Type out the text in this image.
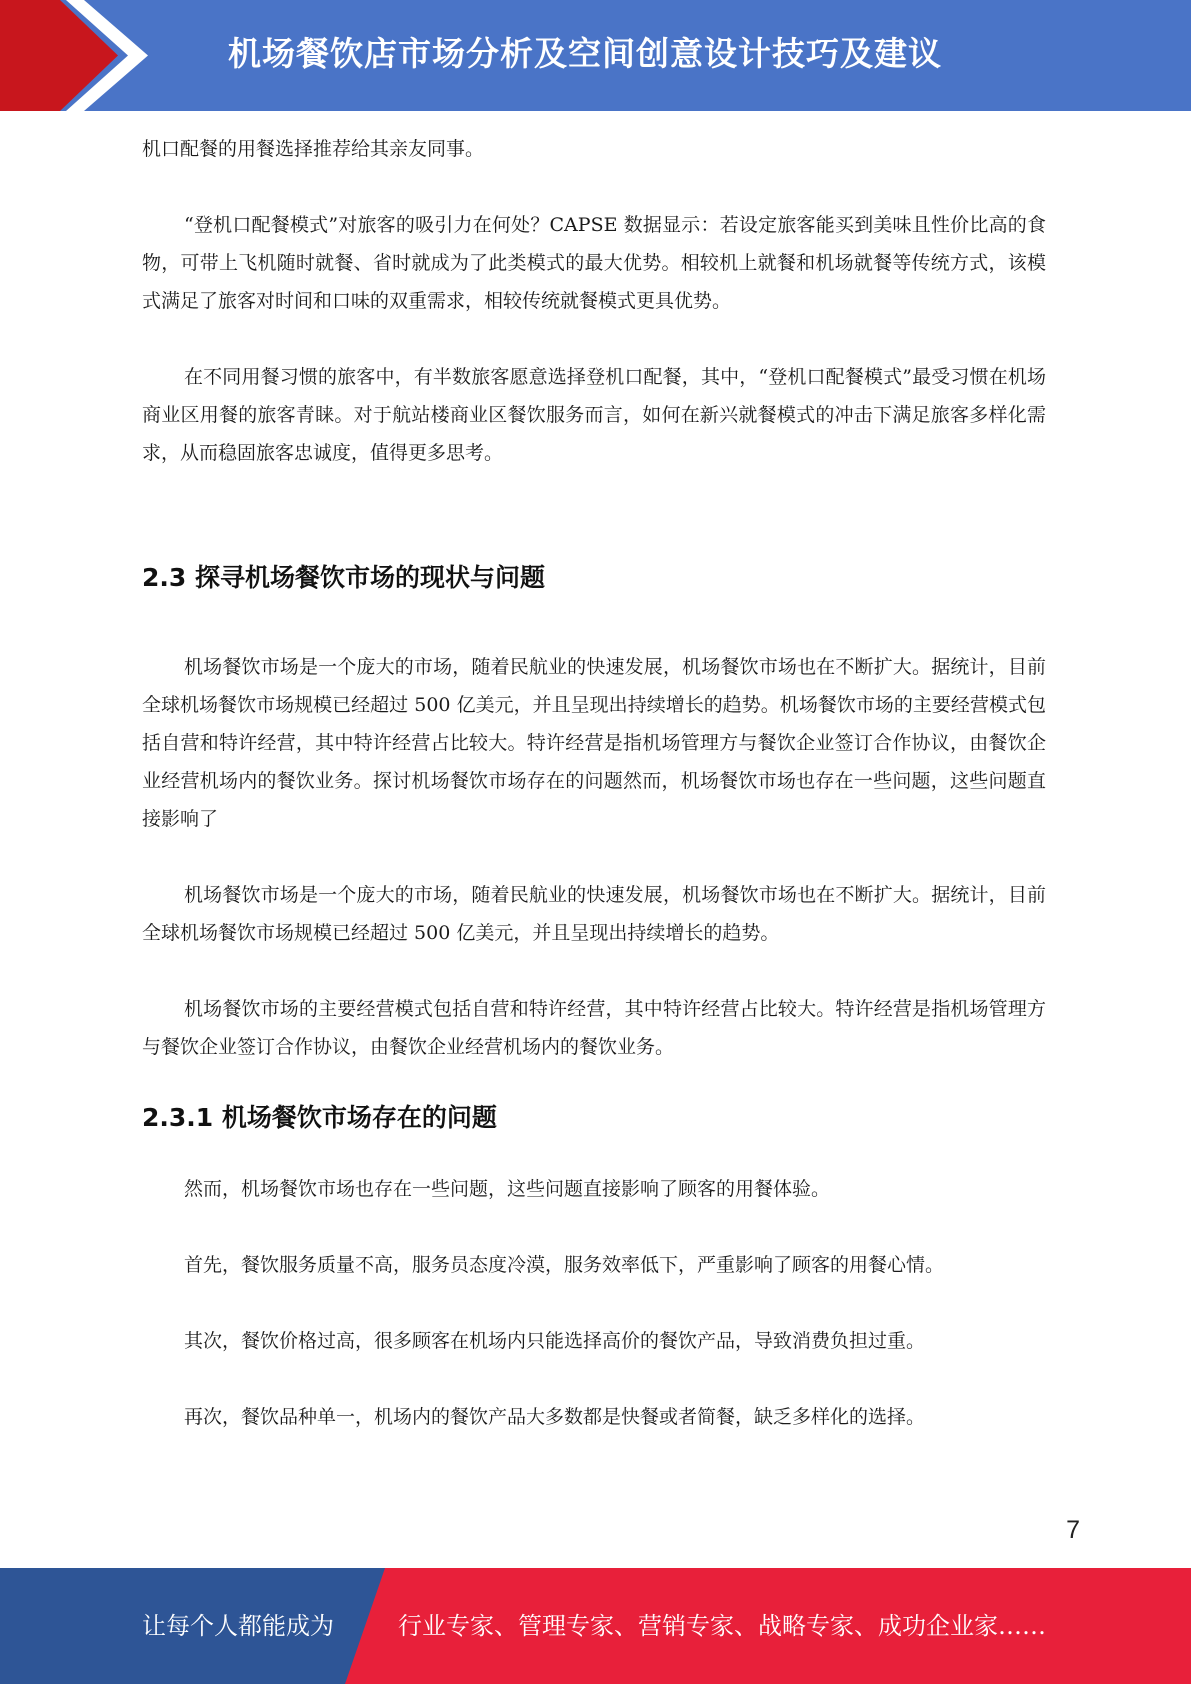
机场餐饮店市场分析及空间创意设计技巧及建议

机口配餐的用餐选择推荐给其亲友同事。

“登机口配餐模式”对旅客的吸引力在何处？CAPSE 数据显示：若设定旅客能买到美味且性价比高的食物，可带上飞机随时就餐、省时就成为了此类模式的最大优势。相较机上就餐和机场就餐等传统方式，该模式满足了旅客对时间和口味的双重需求，相较传统就餐模式更具优势。

在不同用餐习惯的旅客中，有半数旅客愿意选择登机口配餐，其中，“登机口配餐模式”最受习惯在机场商业区用餐的旅客青睐。对于航站楼商业区餐饮服务而言，如何在新兴就餐模式的冲击下满足旅客多样化需求，从而稳固旅客忠诚度，值得更多思考。

2.3 探寻机场餐饮市场的现状与问题

机场餐饮市场是一个庞大的市场，随着民航业的快速发展，机场餐饮市场也在不断扩大。据统计，目前全球机场餐饮市场规模已经超过 500 亿美元，并且呈现出持续增长的趋势。机场餐饮市场的主要经营模式包括自营和特许经营，其中特许经营占比较大。特许经营是指机场管理方与餐饮企业签订合作协议，由餐饮企业经营机场内的餐饮业务。探讨机场餐饮市场存在的问题然而，机场餐饮市场也存在一些问题，这些问题直接影响了

机场餐饮市场是一个庞大的市场，随着民航业的快速发展，机场餐饮市场也在不断扩大。据统计，目前全球机场餐饮市场规模已经超过 500 亿美元，并且呈现出持续增长的趋势。

机场餐饮市场的主要经营模式包括自营和特许经营，其中特许经营占比较大。特许经营是指机场管理方与餐饮企业签订合作协议，由餐饮企业经营机场内的餐饮业务。

2.3.1 机场餐饮市场存在的问题

然而，机场餐饮市场也存在一些问题，这些问题直接影响了顾客的用餐体验。

首先，餐饮服务质量不高，服务员态度冷漠，服务效率低下，严重影响了顾客的用餐心情。

其次，餐饮价格过高，很多顾客在机场内只能选择高价的餐饮产品，导致消费负担过重。

再次，餐饮品种单一，机场内的餐饮产品大多数都是快餐或者简餐，缺乏多样化的选择。

7
让每个人都能成为	行业专家、管理专家、营销专家、战略专家、成功企业家……
